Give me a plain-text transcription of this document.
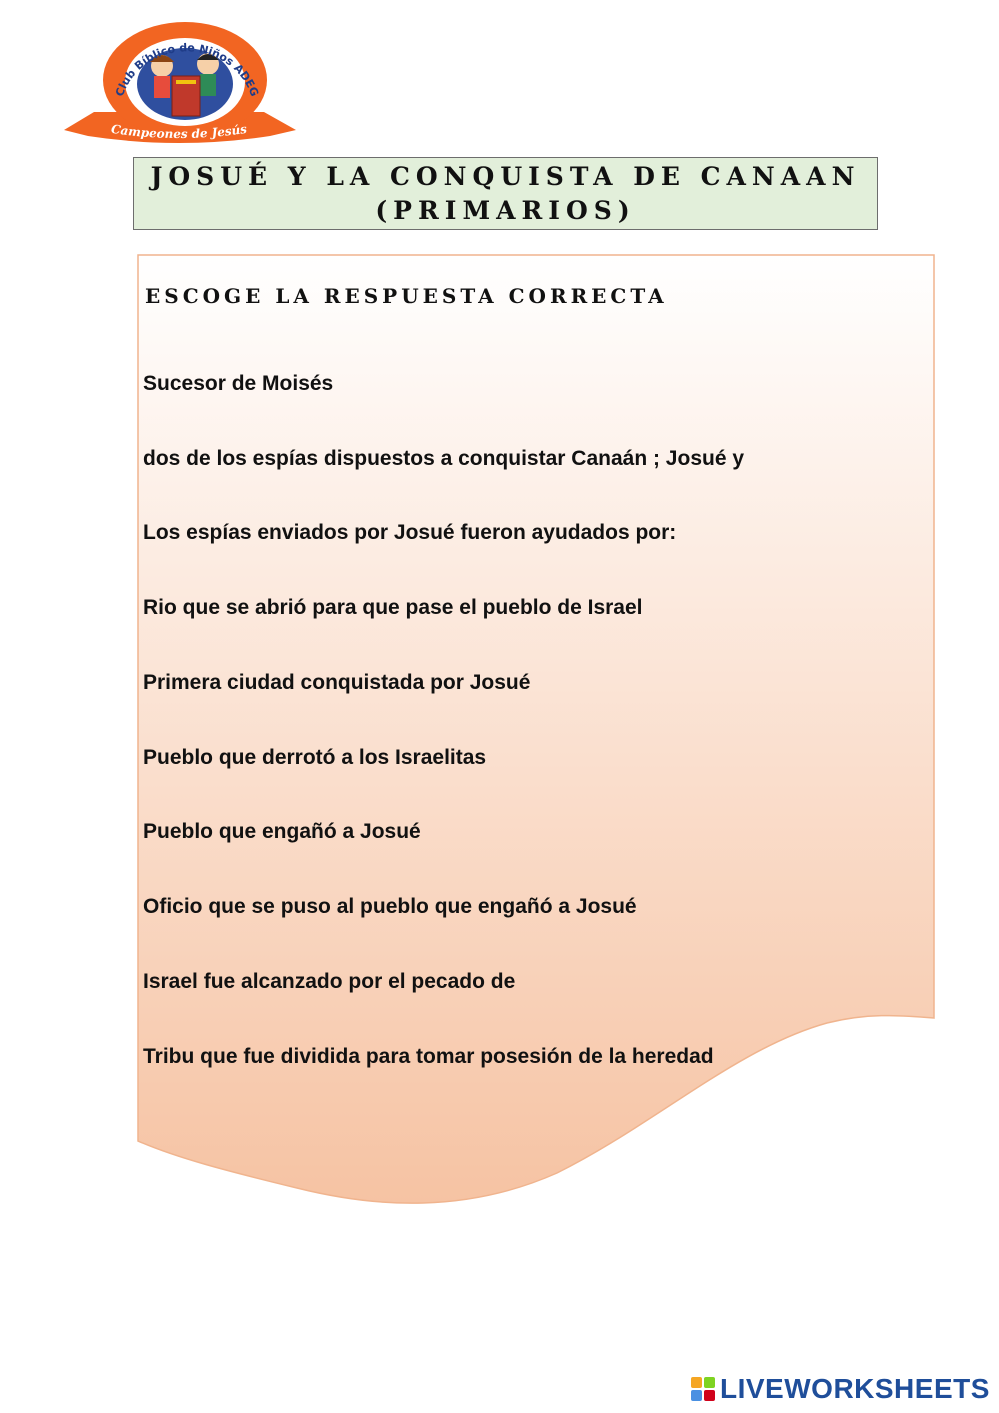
Club Bíblico de Niños ADEG
Campeones de Jesús
JOSUÉ Y LA CONQUISTA DE CANAAN (PRIMARIOS)
ESCOGE LA RESPUESTA CORRECTA
Sucesor de Moisés
dos de los espías dispuestos a conquistar Canaán ; Josué y
Los espías enviados por Josué fueron ayudados por:
Rio que se abrió para que pase el pueblo de Israel
Primera ciudad conquistada por Josué
Pueblo que derrotó a los Israelitas
Pueblo que engañó a Josué
Oficio que se puso al pueblo que engañó a Josué
Israel fue alcanzado por el pecado de
Tribu que fue dividida para tomar posesión de la heredad
LIVEWORKSHEETS
